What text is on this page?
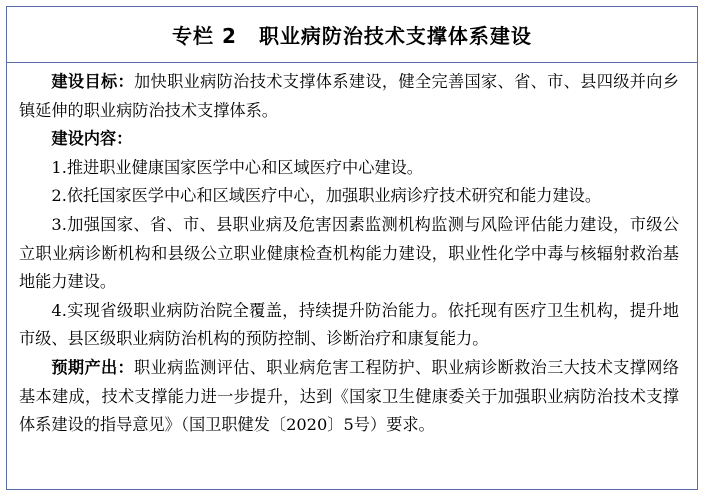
专栏 2 职业病防治技术支撑体系建设

建设目标：加快职业病防治技术支撑体系建设，健全完善国家、省、市、县四级并向乡镇延伸的职业病防治技术支撑体系。

建设内容：

1.推进职业健康国家医学中心和区域医疗中心建设。

2.依托国家医学中心和区域医疗中心，加强职业病诊疗技术研究和能力建设。

3.加强国家、省、市、县职业病及危害因素监测机构监测与风险评估能力建设，市级公立职业病诊断机构和县级公立职业健康检查机构能力建设，职业性化学中毒与核辐射救治基地能力建设。

4.实现省级职业病防治院全覆盖，持续提升防治能力。依托现有医疗卫生机构，提升地市级、县区级职业病防治机构的预防控制、诊断治疗和康复能力。

预期产出：职业病监测评估、职业病危害工程防护、职业病诊断救治三大技术支撑网络基本建成，技术支撑能力进一步提升，达到《国家卫生健康委关于加强职业病防治技术支撑体系建设的指导意见》（国卫职健发〔2020〕5号）要求。
